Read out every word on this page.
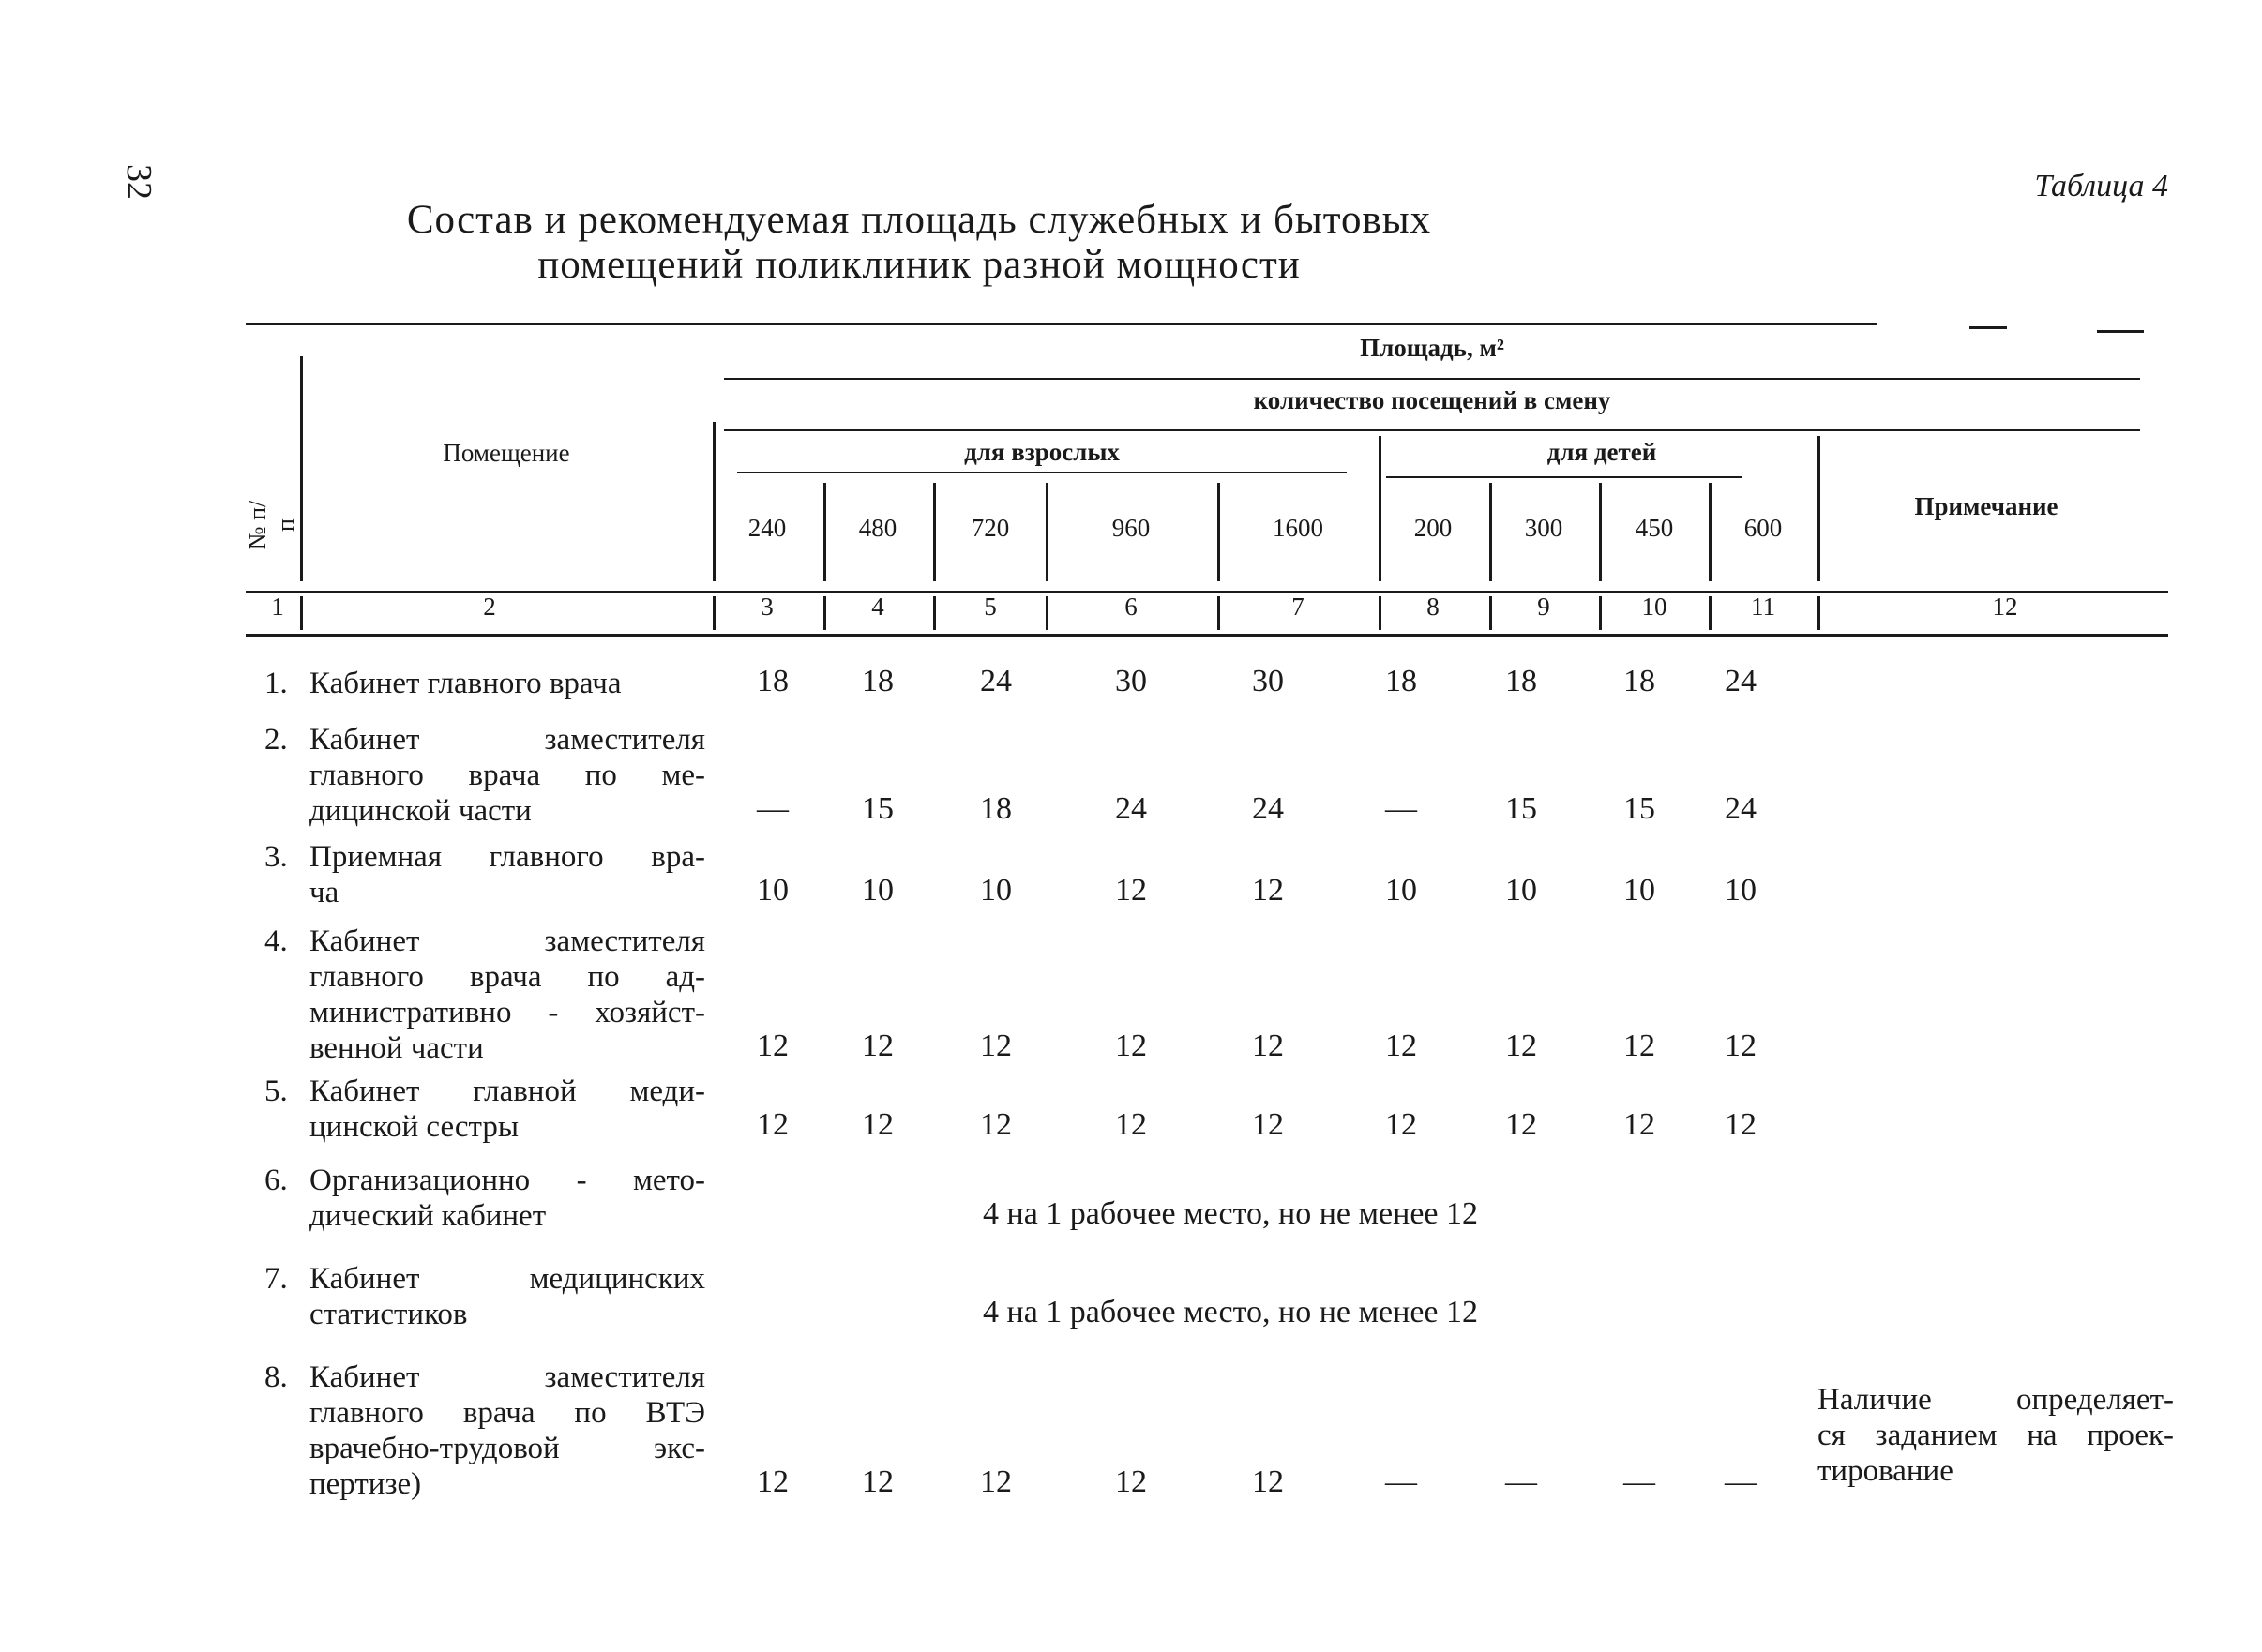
32	Таблица 4
Состав и рекомендуемая площадь служебных и бытовых
помещений поликлиник разной мощности
№ п/п
Помещение
Площадь, м²
количество посещений в смену
для взрослых	для детей
Примечание
240	480	720	960	1600	200	300	450	600
1	2	3	4	5	6	7	8	9	10	11	12
1. Кабинет главного врача	18	18	24	30	30	18	18	18	24
2. Кабинет заместителя
главного врача по ме-
дицинской части	—	15	18	24	24	—	15	15	24
3. Приемная главного вра-
ча	10	10	10	12	12	10	10	10	10
4. Кабинет заместителя
главного врача по ад-
министративно - хозяйст-
венной части	12	12	12	12	12	12	12	12	12
5. Кабинет главной меди-
цинской сестры	12	12	12	12	12	12	12	12	12
6. Организационно - мето-
дический кабинет	4 на 1 рабочее место, но не менее 12
7. Кабинет медицинских
статистиков	4 на 1 рабочее место, но не менее 12
8. Кабинет заместителя
главного врача по ВТЭ
врачебно-трудовой экс-
пертизе)	12	12	12	12	12	—	—	—	—
Наличие определяет-
ся заданием на проек-
тирование
